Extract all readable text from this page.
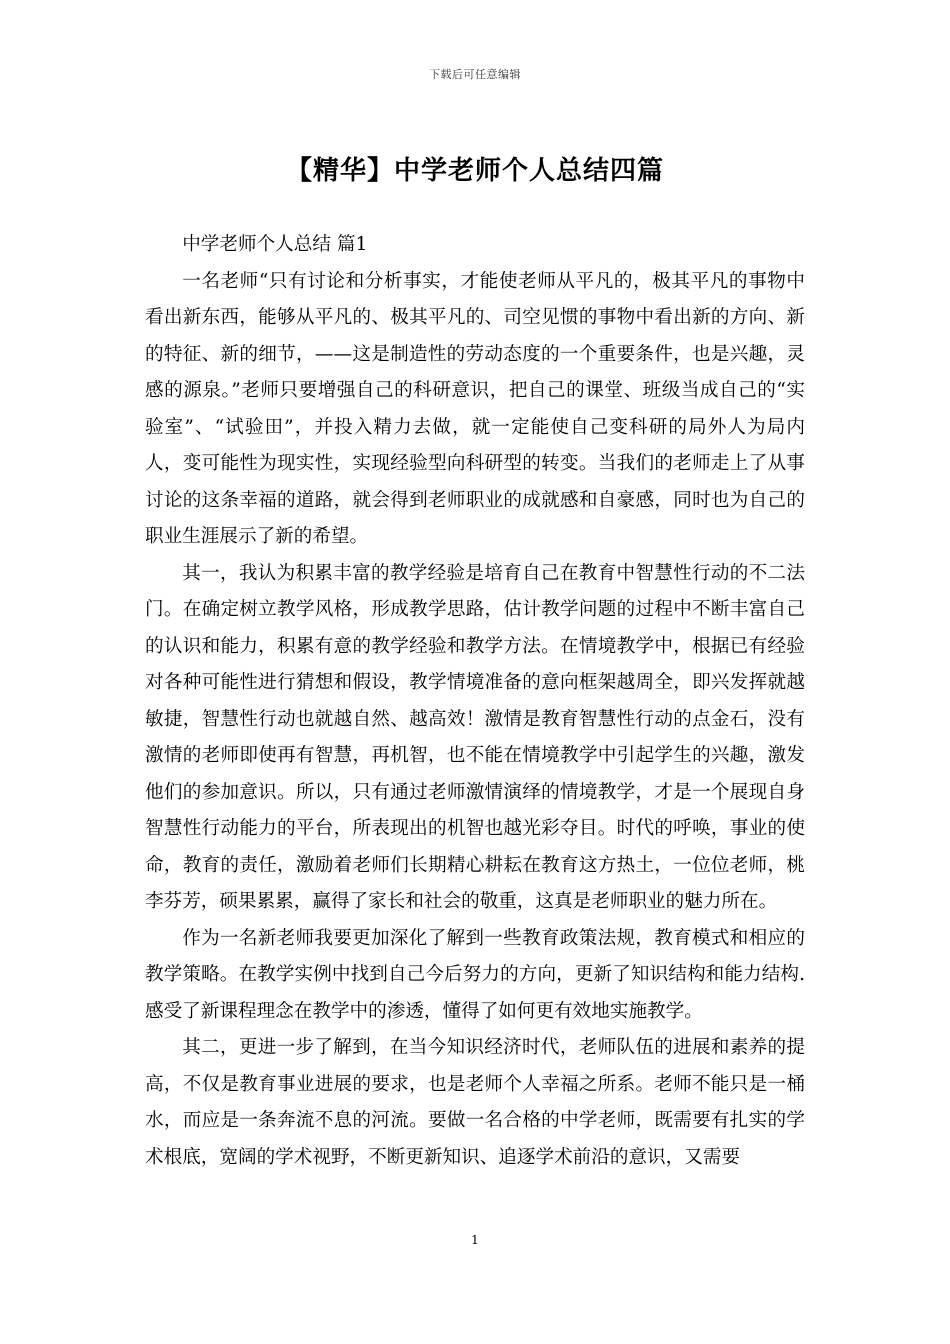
下载后可任意编辑
【精华】中学老师个人总结四篇

中学老师个人总结 篇1

一名老师“只有讨论和分析事实，才能使老师从平凡的，极其平凡的事物中看出新东西，能够从平凡的、极其平凡的、司空见惯的事物中看出新的方向、新的特征、新的细节，——这是制造性的劳动态度的一个重要条件，也是兴趣，灵感的源泉。”老师只要增强自己的科研意识，把自己的课堂、班级当成自己的“实验室”、“试验田”，并投入精力去做，就一定能使自己变科研的局外人为局内人，变可能性为现实性，实现经验型向科研型的转变。当我们的老师走上了从事讨论的这条幸福的道路，就会得到老师职业的成就感和自豪感，同时也为自己的职业生涯展示了新的希望。

其一，我认为积累丰富的教学经验是培育自己在教育中智慧性行动的不二法门。在确定树立教学风格，形成教学思路，估计教学问题的过程中不断丰富自己的认识和能力，积累有意的教学经验和教学方法。在情境教学中，根据已有经验对各种可能性进行猜想和假设，教学情境准备的意向框架越周全，即兴发挥就越敏捷，智慧性行动也就越自然、越高效！激情是教育智慧性行动的点金石，没有激情的老师即使再有智慧，再机智，也不能在情境教学中引起学生的兴趣，激发他们的参加意识。所以，只有通过老师激情演绎的情境教学，才是一个展现自身智慧性行动能力的平台，所表现出的机智也越光彩夺目。时代的呼唤，事业的使命，教育的责任，激励着老师们长期精心耕耘在教育这方热土，一位位老师，桃李芬芳，硕果累累，赢得了家长和社会的敬重，这真是老师职业的魅力所在。

作为一名新老师我要更加深化了解到一些教育政策法规，教育模式和相应的教学策略。在教学实例中找到自己今后努力的方向，更新了知识结构和能力结构.感受了新课程理念在教学中的渗透，懂得了如何更有效地实施教学。

其二，更进一步了解到，在当今知识经济时代，老师队伍的进展和素养的提高，不仅是教育事业进展的要求，也是老师个人幸福之所系。老师不能只是一桶水，而应是一条奔流不息的河流。要做一名合格的中学老师，既需要有扎实的学术根底，宽阔的学术视野，不断更新知识、追逐学术前沿的意识，又需要

1
